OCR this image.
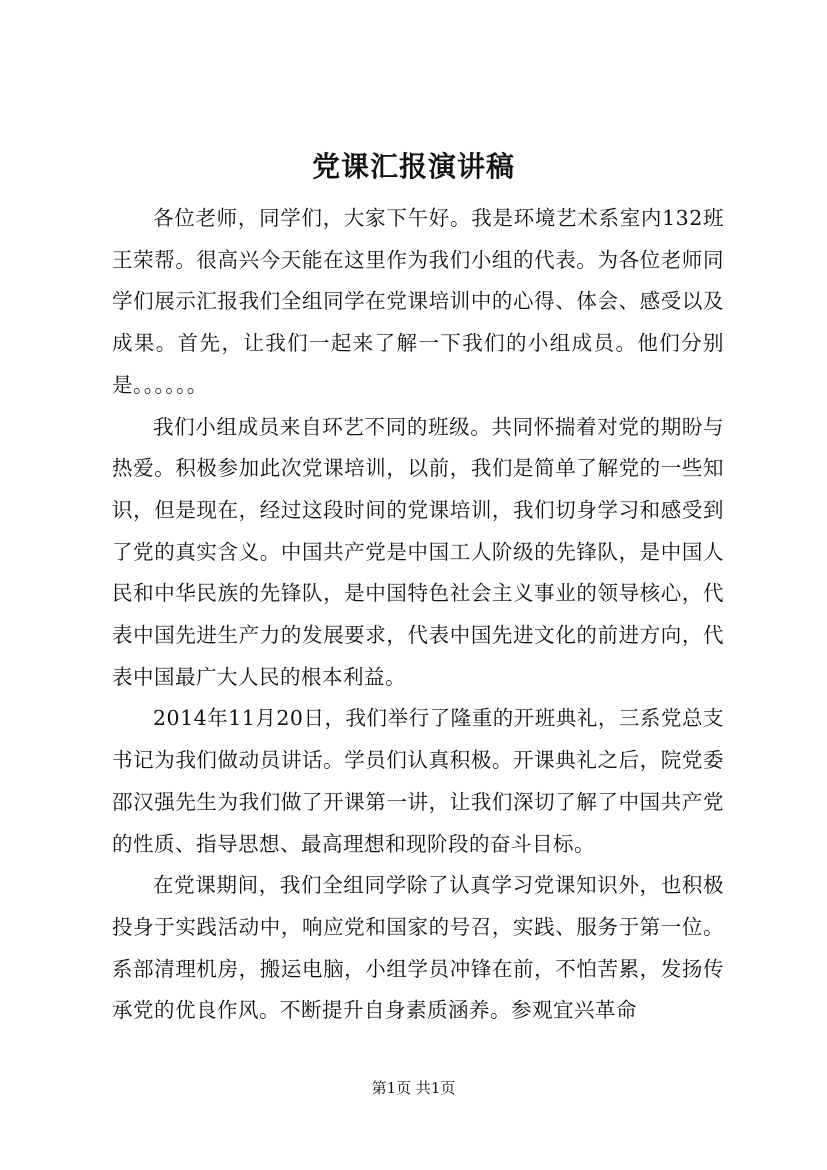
党课汇报演讲稿

各位老师，同学们，大家下午好。我是环境艺术系室内132班王荣帮。很高兴今天能在这里作为我们小组的代表。为各位老师同学们展示汇报我们全组同学在党课培训中的心得、体会、感受以及成果。首先，让我们一起来了解一下我们的小组成员。他们分别是。。。。。。

我们小组成员来自环艺不同的班级。共同怀揣着对党的期盼与热爱。积极参加此次党课培训，以前，我们是简单了解党的一些知识，但是现在，经过这段时间的党课培训，我们切身学习和感受到了党的真实含义。中国共产党是中国工人阶级的先锋队，是中国人民和中华民族的先锋队，是中国特色社会主义事业的领导核心，代表中国先进生产力的发展要求，代表中国先进文化的前进方向，代表中国最广大人民的根本利益。

2014年11月20日，我们举行了隆重的开班典礼，三系党总支书记为我们做动员讲话。学员们认真积极。开课典礼之后，院党委邵汉强先生为我们做了开课第一讲，让我们深切了解了中国共产党的性质、指导思想、最高理想和现阶段的奋斗目标。

在党课期间，我们全组同学除了认真学习党课知识外，也积极投身于实践活动中，响应党和国家的号召，实践、服务于第一位。系部清理机房，搬运电脑，小组学员冲锋在前，不怕苦累，发扬传承党的优良作风。不断提升自身素质涵养。参观宜兴革命

第1页 共1页
